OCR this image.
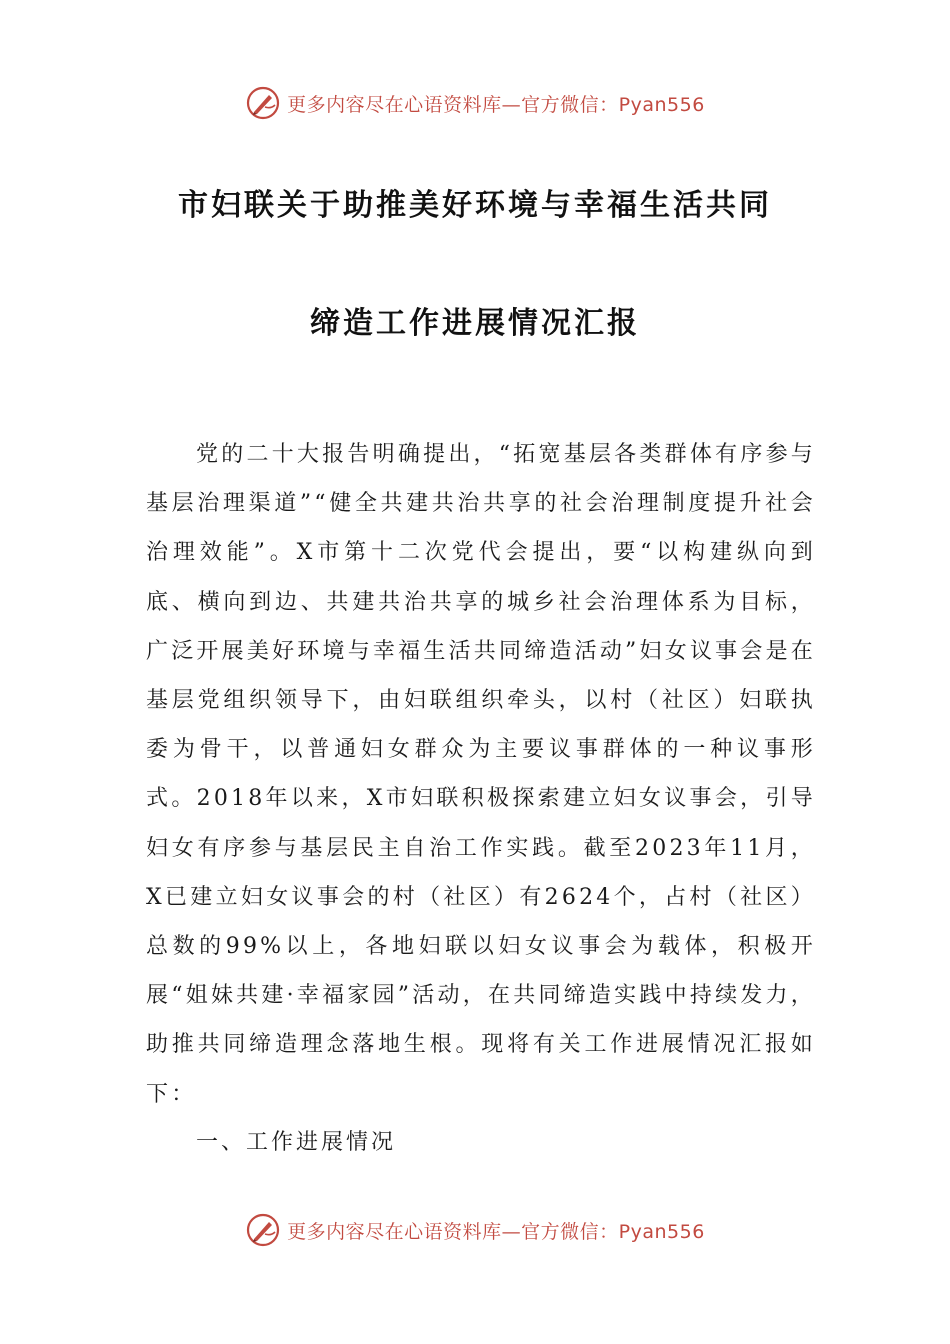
更多内容尽在心语资料库—官方微信：Pyan556
市妇联关于助推美好环境与幸福生活共同
缔造工作进展情况汇报
党的二十大报告明确提出，“拓宽基层各类群体有序参与基层治理渠道”“健全共建共治共享的社会治理制度提升社会治理效能”。X市第十二次党代会提出，要“以构建纵向到底、横向到边、共建共治共享的城乡社会治理体系为目标，广泛开展美好环境与幸福生活共同缔造活动”妇女议事会是在基层党组织领导下，由妇联组织牵头，以村（社区）妇联执委为骨干，以普通妇女群众为主要议事群体的一种议事形式。2018年以来，X市妇联积极探索建立妇女议事会，引导妇女有序参与基层民主自治工作实践。截至2023年11月，X已建立妇女议事会的村（社区）有2624个，占村（社区）总数的99%以上，各地妇联以妇女议事会为载体，积极开展“姐妹共建·幸福家园”活动，在共同缔造实践中持续发力，助推共同缔造理念落地生根。现将有关工作进展情况汇报如下：
一、工作进展情况
更多内容尽在心语资料库—官方微信：Pyan556
